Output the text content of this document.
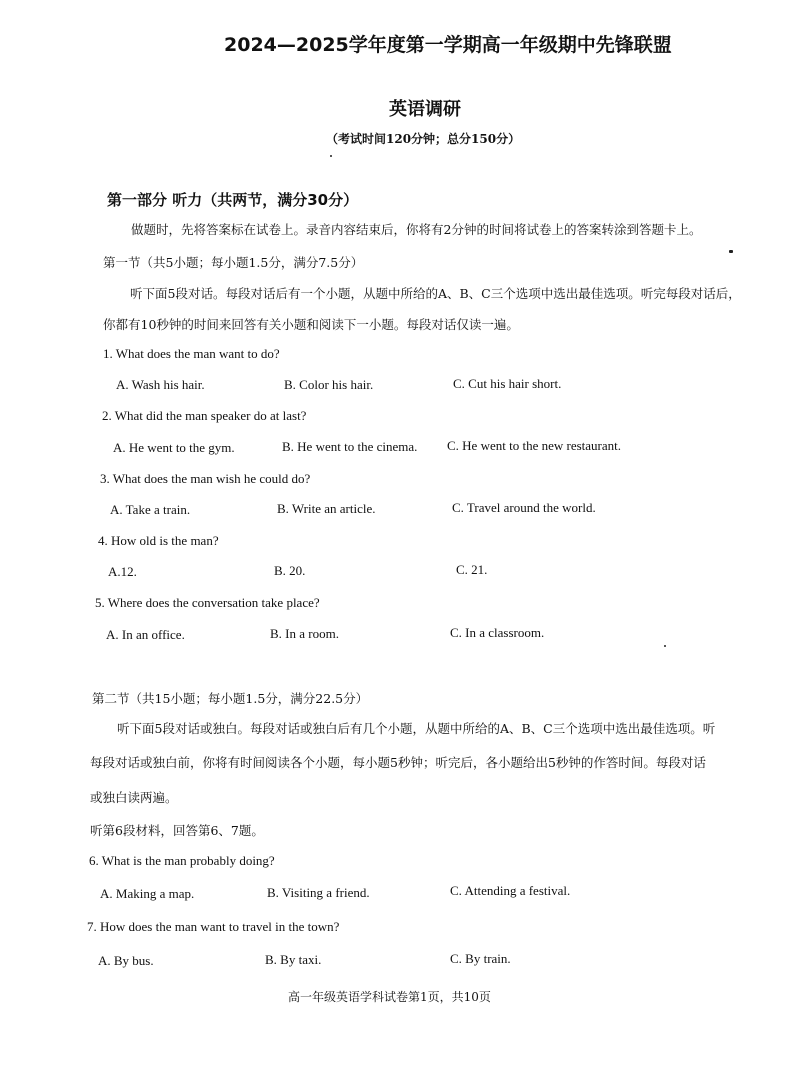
2024—2025学年度第一学期高一年级期中先锋联盟
英语调研
（考试时间120分钟；总分150分）
第一部分 听力（共两节，满分30分）
做题时，先将答案标在试卷上。录音内容结束后，你将有2分钟的时间将试卷上的答案转涂到答题卡上。
第一节（共5小题；每小题1.5分，满分7.5分）
听下面5段对话。每段对话后有一个小题，从题中所给的A、B、C三个选项中选出最佳选项。听完每段对话后，
你都有10秒钟的时间来回答有关小题和阅读下一小题。每段对话仅读一遍。
1. What does the man want to do?
A. Wash his hair.	B. Color his hair.	C. Cut his hair short.
2. What did the man speaker do at last?
A. He went to the gym.	B. He went to the cinema. C. He went to the new restaurant.
3. What does the man wish he could do?
A. Take a train.	B. Write an article.	C. Travel around the world.
4. How old is the man?
A.12.	B. 20.	C. 21.
5. Where does the conversation take place?
A. In an office.	B. In a room.	C. In a classroom.
第二节（共15小题；每小题1.5分，满分22.5分）
听下面5段对话或独白。每段对话或独白后有几个小题，从题中所给的A、B、C三个选项中选出最佳选项。听
每段对话或独白前，你将有时间阅读各个小题，每小题5秒钟；听完后，各小题给出5秒钟的作答时间。每段对话
或独白读两遍。
听第6段材料，回答第6、7题。
6. What is the man probably doing?
A. Making a map.	B. Visiting a friend.	C. Attending a festival.
7. How does the man want to travel in the town?
A. By bus.	B. By taxi.	C. By train.
高一年级英语学科试卷第1页，共10页
